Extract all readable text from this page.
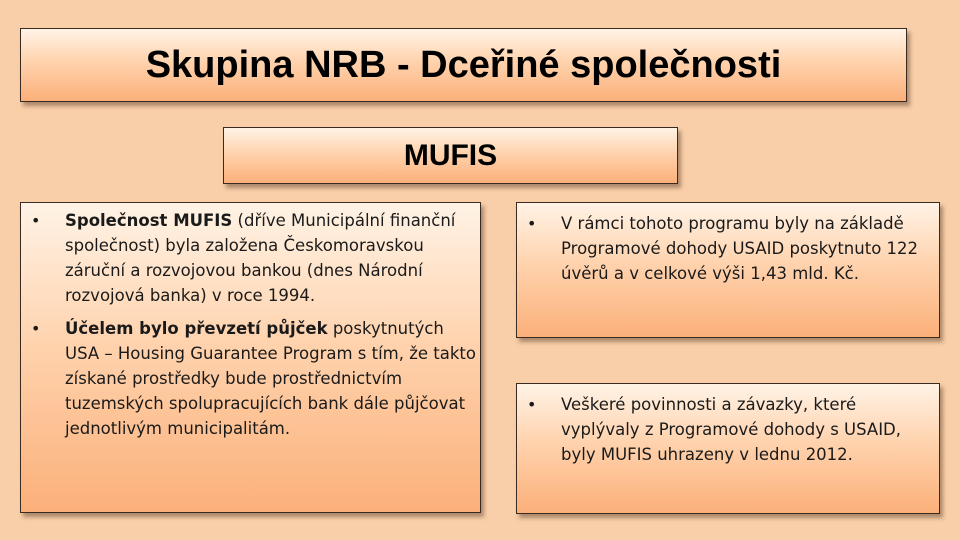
Skupina NRB - Dceřiné společnosti
MUFIS
• Společnost MUFIS (dříve Municipální finanční společnost) byla založena Českomoravskou záruční a rozvojovou bankou (dnes Národní rozvojová banka) v roce 1994.
• Účelem bylo převzetí půjček poskytnutých USA – Housing Guarantee Program s tím, že takto získané prostředky bude prostřednictvím tuzemských spolupracujících bank dále půjčovat jednotlivým municipalitám.
• V rámci tohoto programu byly na základě Programové dohody USAID poskytnuto 122 úvěrů a v celkové výši 1,43 mld. Kč.
• Veškeré povinnosti a závazky, které vyplývaly z Programové dohody s USAID, byly MUFIS uhrazeny v lednu 2012.
